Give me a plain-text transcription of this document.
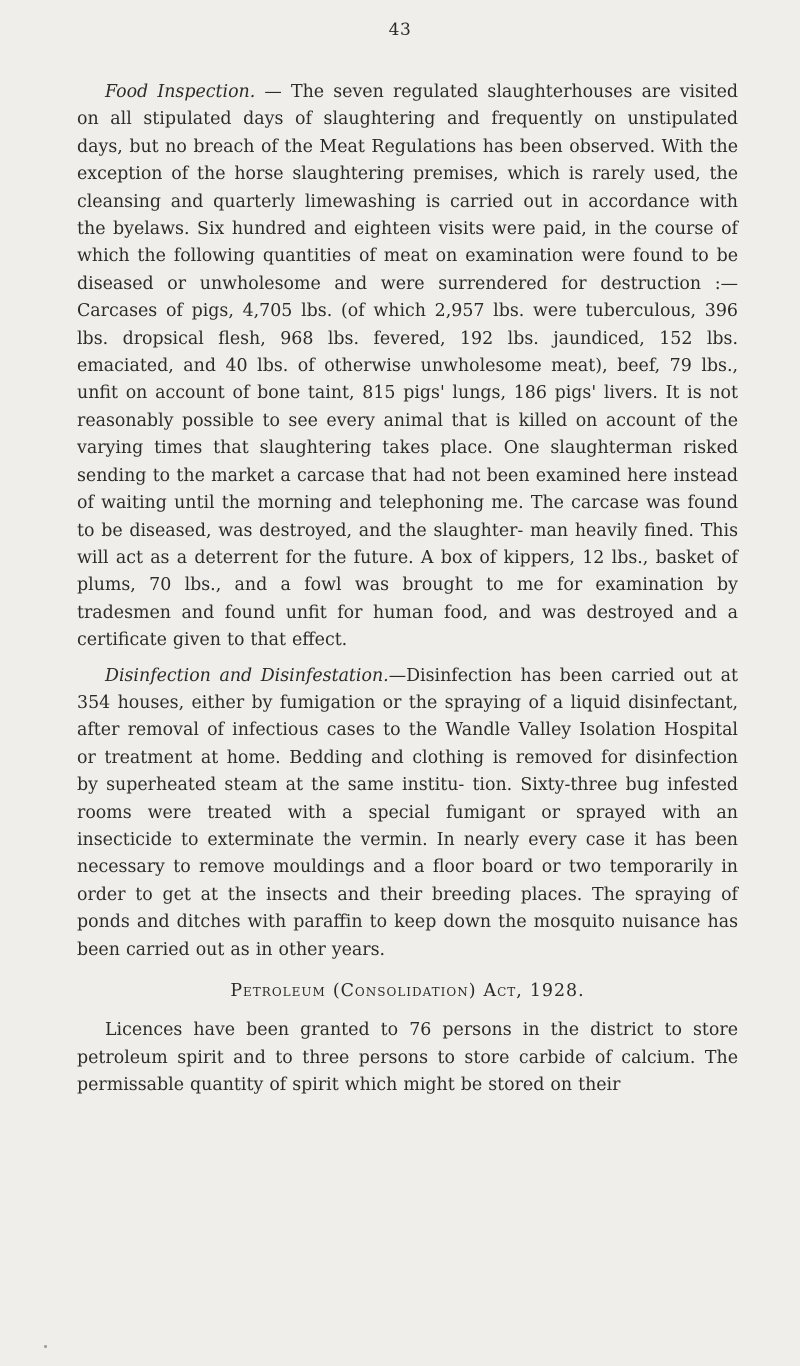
43

Food Inspection. — The seven regulated slaughterhouses are visited on all stipulated days of slaughtering and frequently on unstipulated days, but no breach of the Meat Regulations has been observed. With the exception of the horse slaughtering premises, which is rarely used, the cleansing and quarterly limewashing is carried out in accordance with the byelaws. Six hundred and eighteen visits were paid, in the course of which the following quantities of meat on examination were found to be diseased or unwholesome and were surrendered for destruction :—Carcases of pigs, 4,705 lbs. (of which 2,957 lbs. were tuberculous, 396 lbs. dropsical flesh, 968 lbs. fevered, 192 lbs. jaundiced, 152 lbs. emaciated, and 40 lbs. of otherwise unwholesome meat), beef, 79 lbs., unfit on account of bone taint, 815 pigs' lungs, 186 pigs' livers. It is not reasonably possible to see every animal that is killed on account of the varying times that slaughtering takes place. One slaughterman risked sending to the market a carcase that had not been examined here instead of waiting until the morning and telephoning me. The carcase was found to be diseased, was destroyed, and the slaughter- man heavily fined. This will act as a deterrent for the future. A box of kippers, 12 lbs., basket of plums, 70 lbs., and a fowl was brought to me for examination by tradesmen and found unfit for human food, and was destroyed and a certificate given to that effect.

Disinfection and Disinfestation.—Disinfection has been carried out at 354 houses, either by fumigation or the spraying of a liquid disinfectant, after removal of infectious cases to the Wandle Valley Isolation Hospital or treatment at home. Bedding and clothing is removed for disinfection by superheated steam at the same institu- tion. Sixty-three bug infested rooms were treated with a special fumigant or sprayed with an insecticide to exterminate the vermin. In nearly every case it has been necessary to remove mouldings and a floor board or two temporarily in order to get at the insects and their breeding places. The spraying of ponds and ditches with paraffin to keep down the mosquito nuisance has been carried out as in other years.

Petroleum (Consolidation) Act, 1928.

Licences have been granted to 76 persons in the district to store petroleum spirit and to three persons to store carbide of calcium. The permissable quantity of spirit which might be stored on their
